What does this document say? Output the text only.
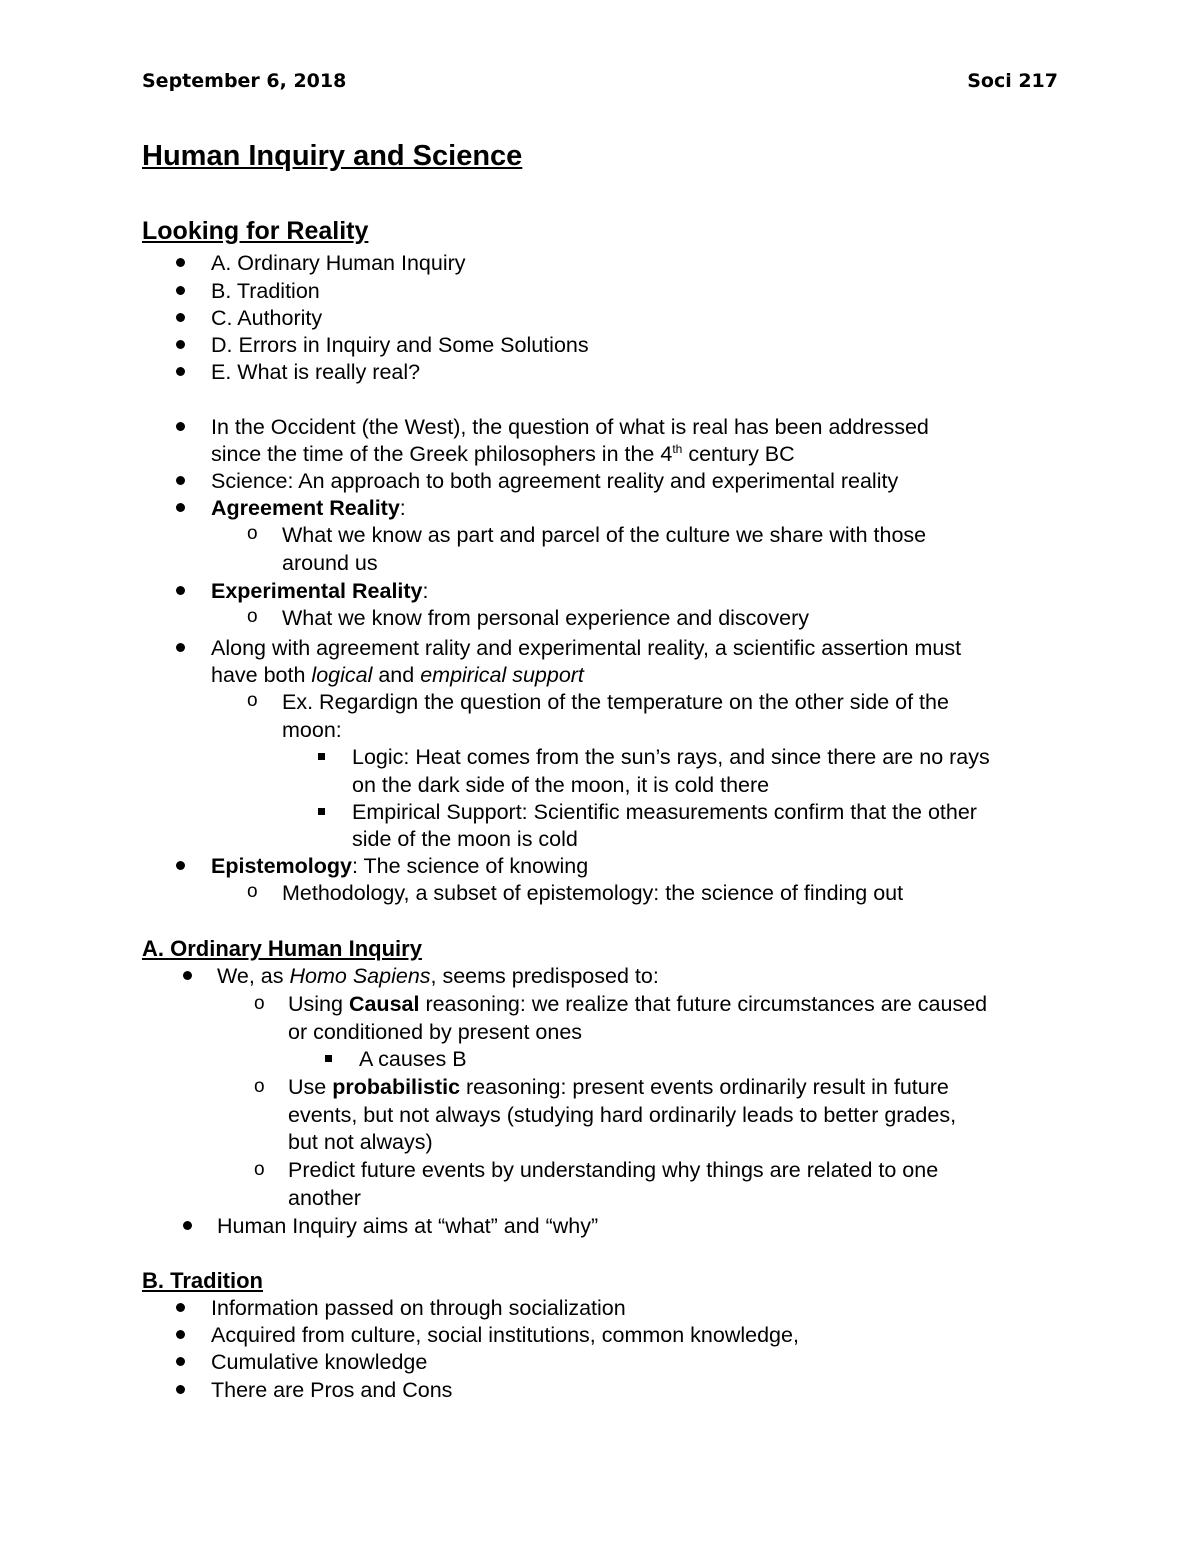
September 6, 2018	Soci 217
Human Inquiry and Science
Looking for Reality
A. Ordinary Human Inquiry
B. Tradition
C. Authority
D. Errors in Inquiry and Some Solutions
E. What is really real?
In the Occident (the West), the question of what is real has been addressed
since the time of the Greek philosophers in the 4th century BC
Science: An approach to both agreement reality and experimental reality
Agreement Reality:
o What we know as part and parcel of the culture we share with those
around us
Experimental Reality:
o What we know from personal experience and discovery
Along with agreement rality and experimental reality, a scientific assertion must
have both logical and empirical support
o Ex. Regardign the question of the temperature on the other side of the
moon:
Logic: Heat comes from the sun’s rays, and since there are no rays
on the dark side of the moon, it is cold there
Empirical Support: Scientific measurements confirm that the other
side of the moon is cold
Epistemology: The science of knowing
o Methodology, a subset of epistemology: the science of finding out
A. Ordinary Human Inquiry
We, as Homo Sapiens, seems predisposed to:
o Using Causal reasoning: we realize that future circumstances are caused
or conditioned by present ones
A causes B
o Use probabilistic reasoning: present events ordinarily result in future
events, but not always (studying hard ordinarily leads to better grades,
but not always)
o Predict future events by understanding why things are related to one
another
Human Inquiry aims at “what” and “why”
B. Tradition
Information passed on through socialization
Acquired from culture, social institutions, common knowledge,
Cumulative knowledge
There are Pros and Cons
